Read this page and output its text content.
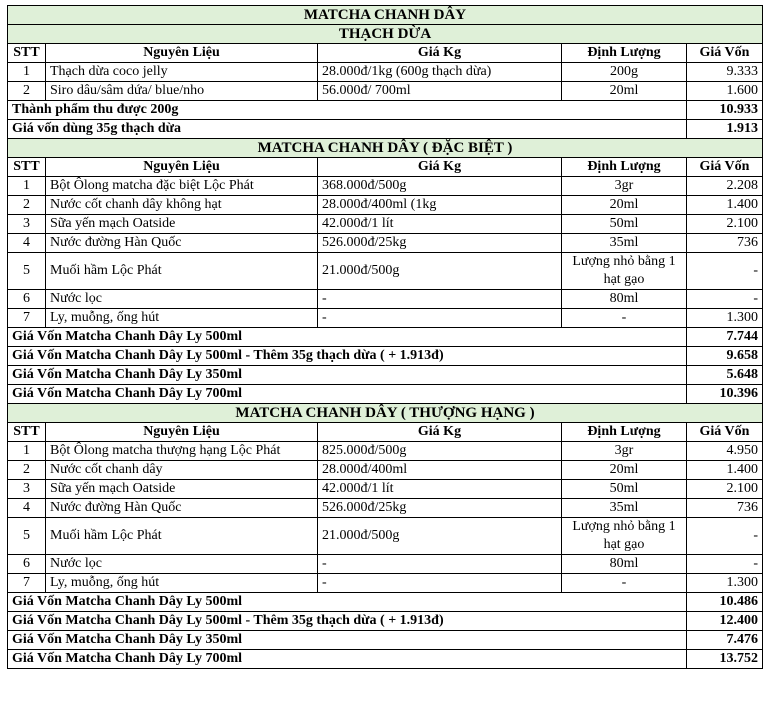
MATCHA CHANH DÂY				
THẠCH DỪA				
STT	Nguyên Liệu	Giá Kg	Định Lượng	Giá Vốn
1	Thạch dừa coco jelly	28.000đ/1kg (600g thạch dừa)	200g	9.333
2	Siro dâu/sâm dứa/ blue/nho	56.000đ/ 700ml	20ml	1.600
Thành phẩm thu được 200g				10.933
Giá vốn dùng 35g thạch dừa				1.913
MATCHA CHANH DÂY ( ĐẶC BIỆT )				
STT	Nguyên Liệu	Giá Kg	Định Lượng	Giá Vốn
1	Bột Ôlong matcha đặc biệt Lộc Phát	368.000đ/500g	3gr	2.208
2	Nước cốt chanh dây không hạt	28.000đ/400ml (1kg	20ml	1.400
3	Sữa yến mạch Oatside	42.000đ/1 lít	50ml	2.100
4	Nước đường Hàn Quốc	526.000đ/25kg	35ml	736
5	Muối hầm Lộc Phát	21.000đ/500g	Lượng nhỏ bằng 1 hạt gạo	-
6	Nước lọc	-	80ml	-
7	Ly, muỗng, ống hút	-	-	1.300
Giá Vốn Matcha Chanh Dây Ly 500ml				7.744
Giá Vốn Matcha Chanh Dây Ly 500ml - Thêm 35g thạch dừa ( + 1.913đ)				9.658
Giá Vốn Matcha Chanh Dây Ly 350ml				5.648
Giá Vốn Matcha Chanh Dây Ly 700ml				10.396
MATCHA CHANH DÂY ( THƯỢNG HẠNG )				
STT	Nguyên Liệu	Giá Kg	Định Lượng	Giá Vốn
1	Bột Ôlong matcha thượng hạng Lộc Phát	825.000đ/500g	3gr	4.950
2	Nước cốt chanh dây	28.000đ/400ml	20ml	1.400
3	Sữa yến mạch Oatside	42.000đ/1 lít	50ml	2.100
4	Nước đường Hàn Quốc	526.000đ/25kg	35ml	736
5	Muối hầm Lộc Phát	21.000đ/500g	Lượng nhỏ bằng 1 hạt gạo	-
6	Nước lọc	-	80ml	-
7	Ly, muỗng, ống hút	-	-	1.300
Giá Vốn Matcha Chanh Dây Ly 500ml				10.486
Giá Vốn Matcha Chanh Dây Ly 500ml - Thêm 35g thạch dừa ( + 1.913đ)				12.400
Giá Vốn Matcha Chanh Dây Ly 350ml				7.476
Giá Vốn Matcha Chanh Dây Ly 700ml				13.752
